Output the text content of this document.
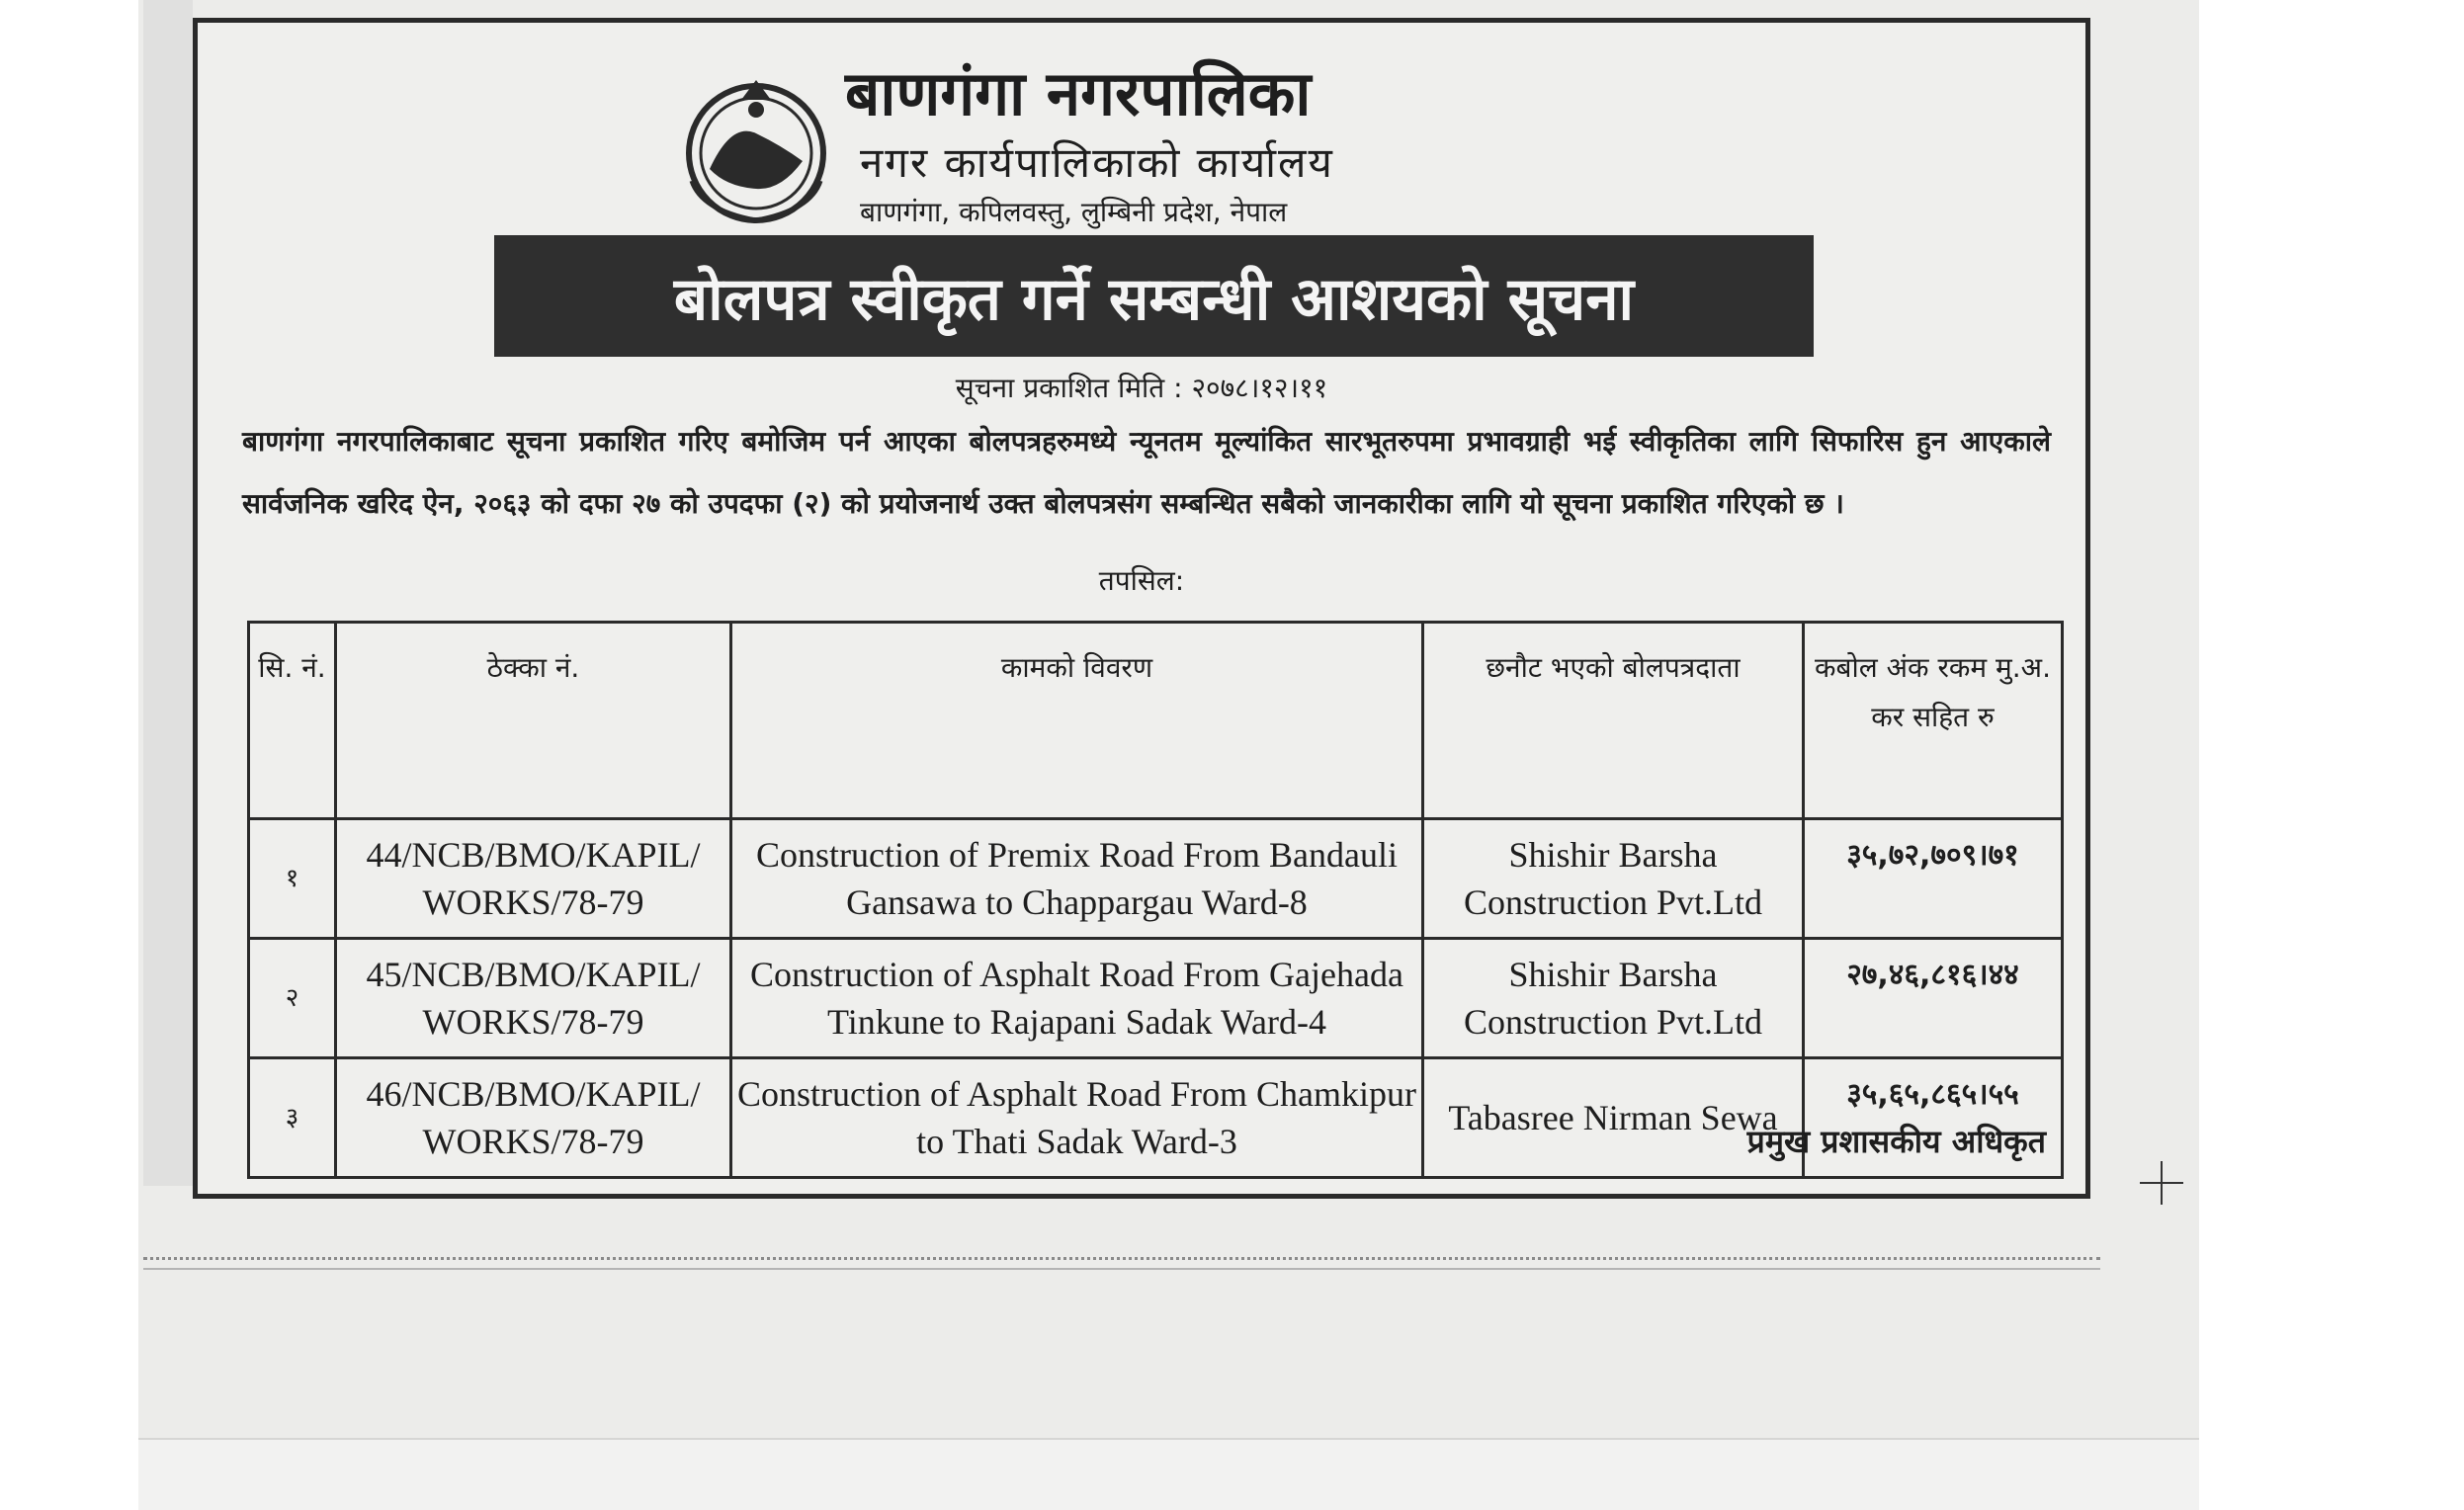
बाणगंगा नगरपालिका
नगर कार्यपालिकाको कार्यालय
बाणगंगा, कपिलवस्तु, लुम्बिनी प्रदेश, नेपाल
बोलपत्र स्वीकृत गर्ने सम्बन्धी आशयको सूचना
सूचना प्रकाशित मिति : २०७८।१२।११
बाणगंगा नगरपालिकाबाट सूचना प्रकाशित गरिए बमोजिम पर्न आएका बोलपत्रहरुमध्ये न्यूनतम मूल्यांकित सारभूतरुपमा प्रभावग्राही भई स्वीकृतिका लागि सिफारिस हुन आएकाले सार्वजनिक खरिद ऐन, २०६३ को दफा २७ को उपदफा (२) को प्रयोजनार्थ उक्त बोलपत्रसंग सम्बन्धित सबैको जानकारीका लागि यो सूचना प्रकाशित गरिएको छ ।
तपसिल:
सि. नं.	ठेक्का नं.	कामको विवरण	छनौट भएको बोलपत्रदाता	कबोल अंक रकम मु.अ. कर सहित रु
१	44/NCB/BMO/KAPIL/ WORKS/78-79	Construction of Premix Road From Bandauli Gansawa to Chappargau Ward-8	Shishir Barsha Construction Pvt.Ltd	३५,७२,७०९।७१
२	45/NCB/BMO/KAPIL/ WORKS/78-79	Construction of Asphalt Road From Gajehada Tinkune to Rajapani Sadak Ward-4	Shishir Barsha Construction Pvt.Ltd	२७,४६,८१६।४४
३	46/NCB/BMO/KAPIL/ WORKS/78-79	Construction of Asphalt Road From Chamkipur to Thati Sadak Ward-3	Tabasree Nirman Sewa	३५,६५,८६५।५५
प्रमुख प्रशासकीय अधिकृत
